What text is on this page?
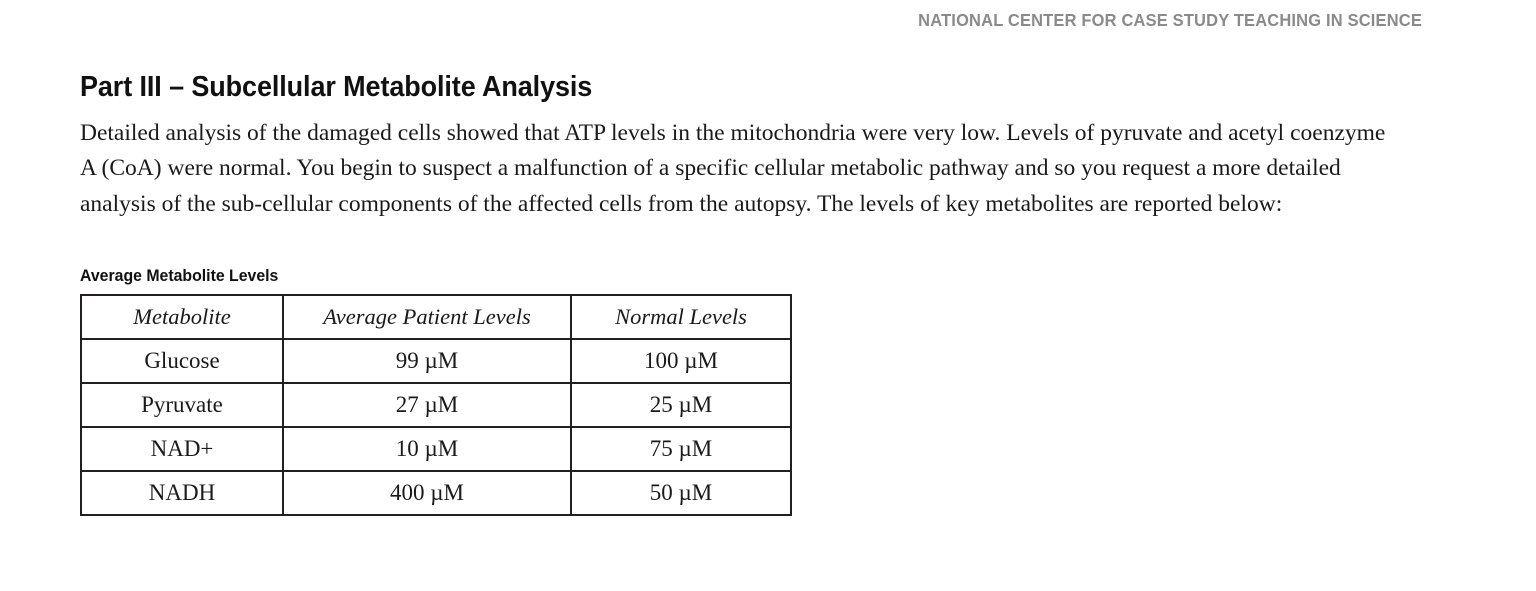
NATIONAL CENTER FOR CASE STUDY TEACHING IN SCIENCE
Part III – Subcellular Metabolite Analysis

Detailed analysis of the damaged cells showed that ATP levels in the mitochondria were very low. Levels of pyruvate and acetyl coenzyme A (CoA) were normal. You begin to suspect a malfunction of a specific cellular metabolic pathway and so you request a more detailed analysis of the sub-cellular components of the affected cells from the autopsy. The levels of key metabolites are reported below:

Average Metabolite Levels
Metabolite	Average Patient Levels	Normal Levels
Glucose	99 µM	100 µM
Pyruvate	27 µM	25 µM
NAD+	10 µM	75 µM
NADH	400 µM	50 µM
